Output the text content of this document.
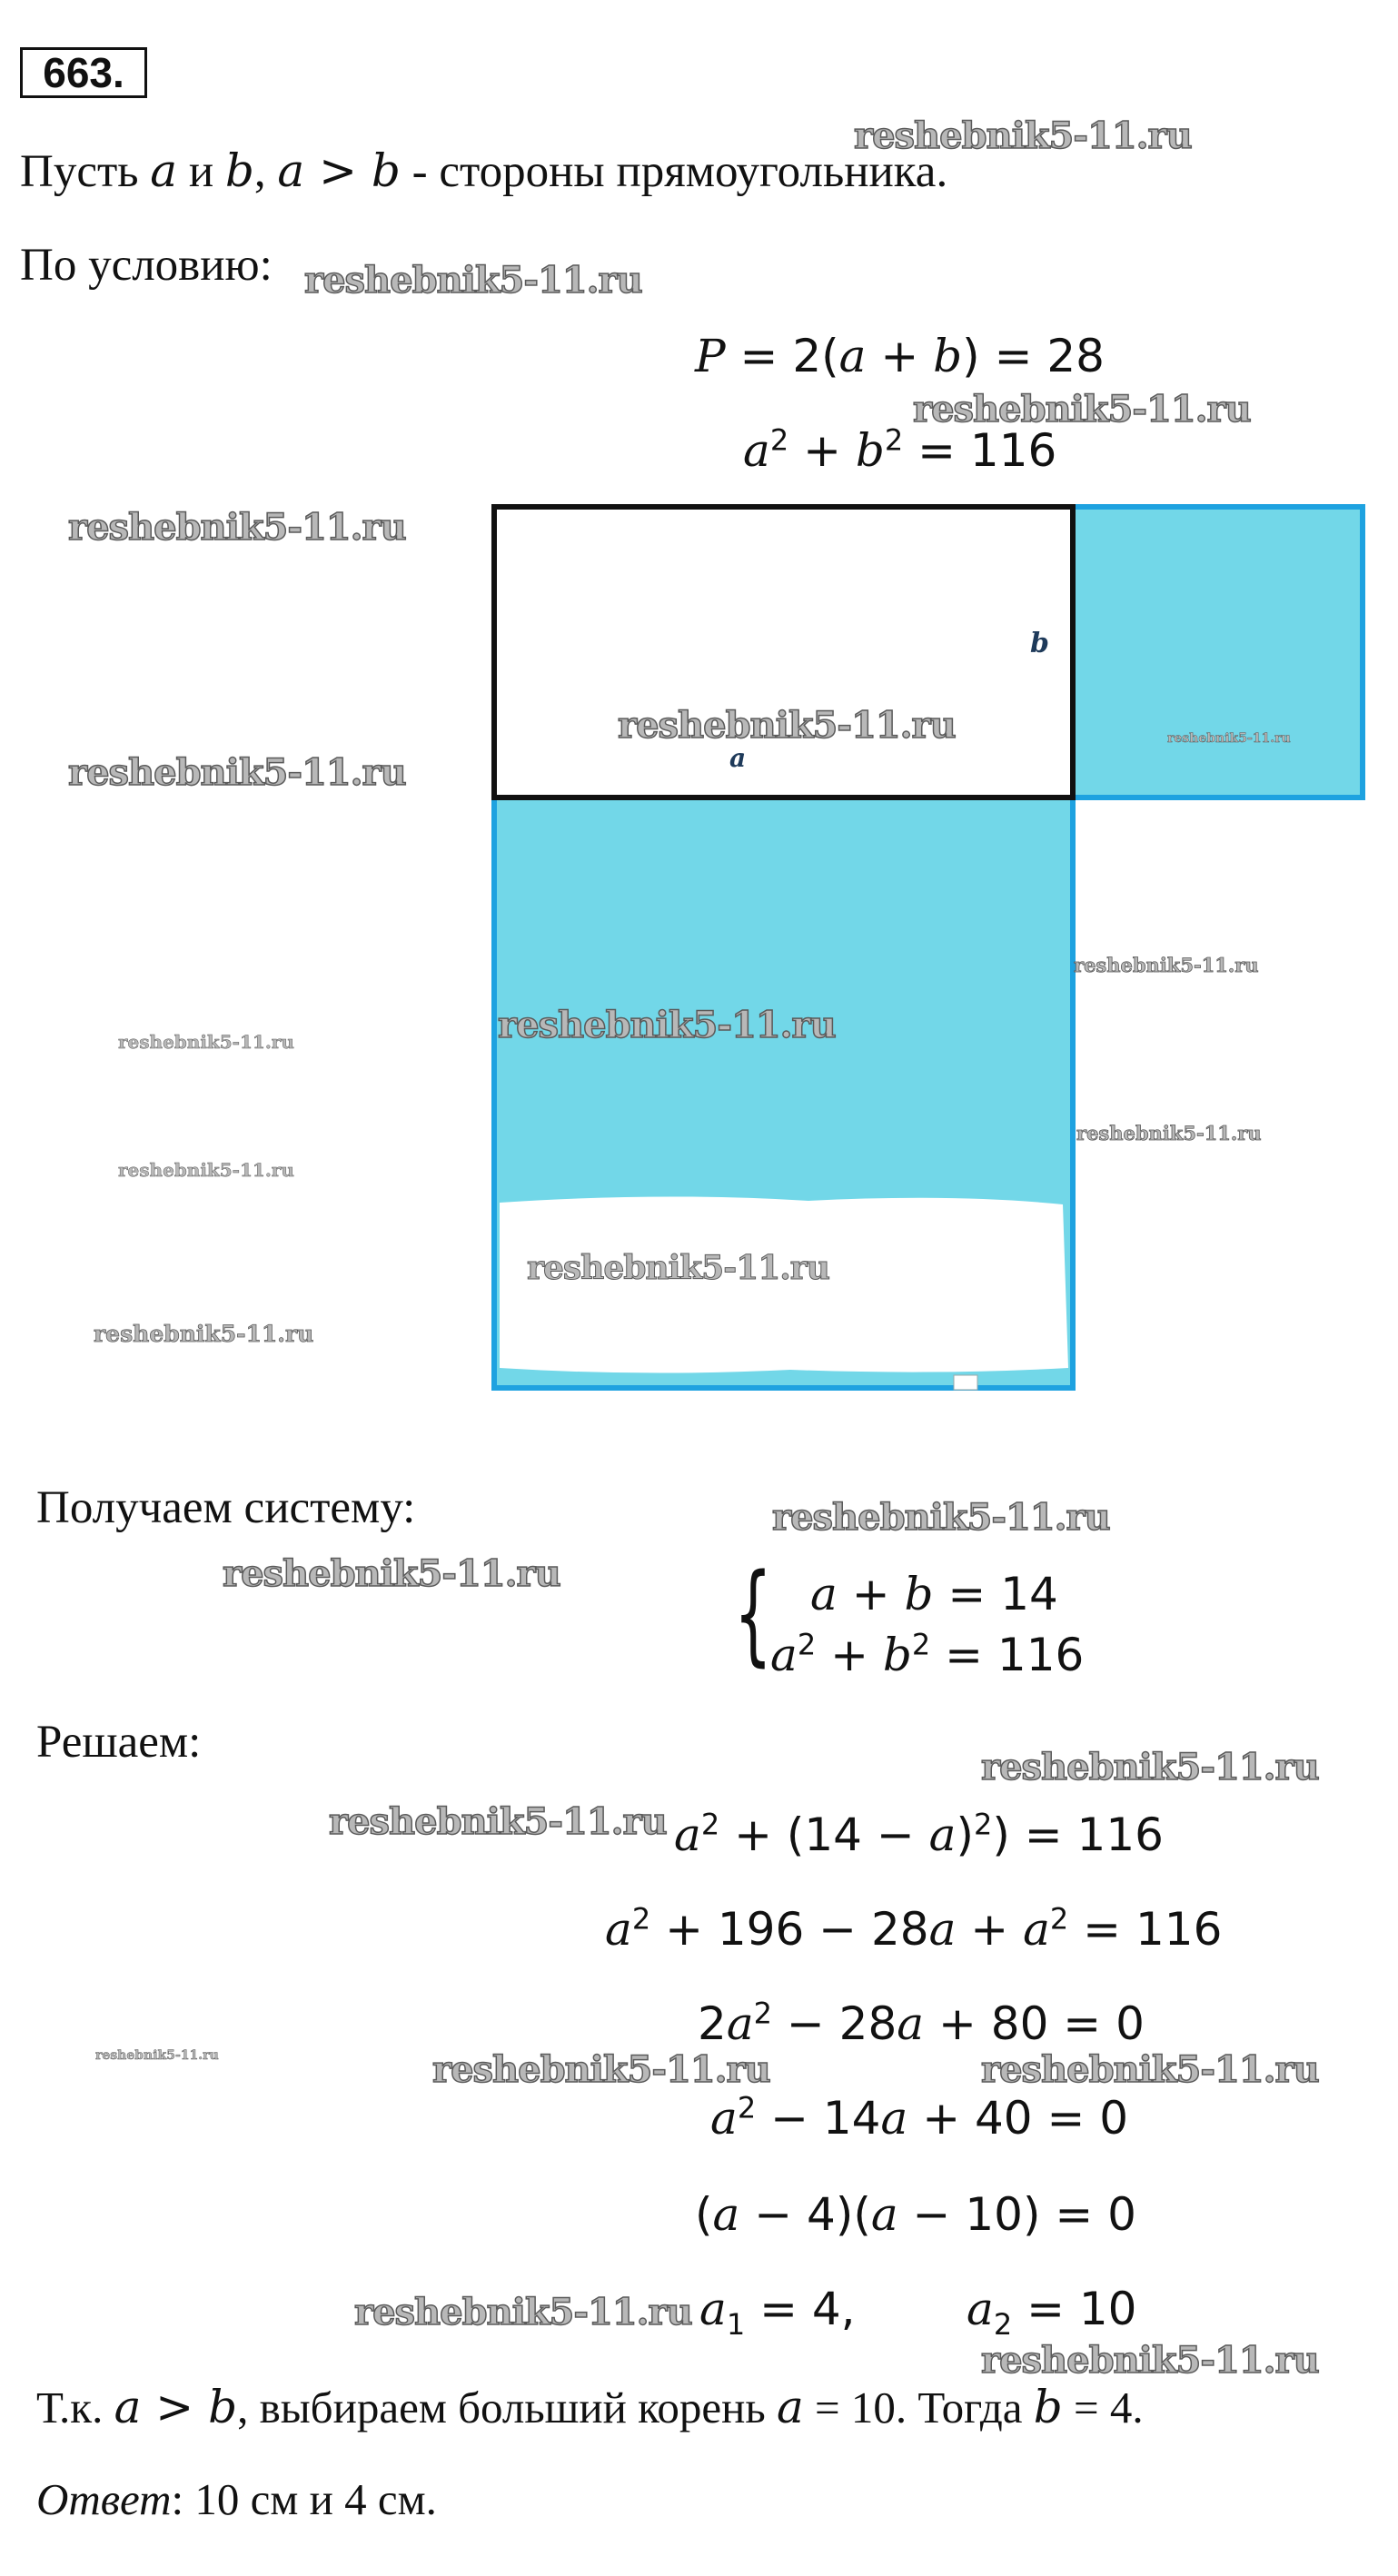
663.
Пусть a и b, a > b - стороны прямоугольника.
По условию:
P = 2(a + b) = 28
$a^2 + b^2 = 116$
a
b
Получаем систему:
{ a + b = 14
$a^2 + b^2 = 116$
Решаем:
$a^2 + (14 - a)^2) = 116$
$a^2 + 196 - 28a + a^2 = 116$
$2a^2 - 28a + 80 = 0$
$a^2 - 14a + 40 = 0$
(a − 4)(a − 10) = 0
$a_1 = 4$, $a_2 = 10$
Т.к. a > b, выбираем больший корень a = 10. Тогда b = 4.
Ответ: 10 см и 4 см.
reshebnik5-11.ru
reshebnik5-11.ru
reshebnik5-11.ru
reshebnik5-11.ru
reshebnik5-11.ru
reshebnik5-11.ru	reshebnik5-11.ru
reshebnik5-11.ru
reshebnik5-11.ru
reshebnik5-11.ru
reshebnik5-11.ru
reshebnik5-11.ru
reshebnik5-11.ru
reshebnik5-11.ru
reshebnik5-11.ru
reshebnik5-11.ru
reshebnik5-11.ru
reshebnik5-11.ru
reshebnik5-11.ru	reshebnik5-11.ru
reshebnik5-11.ru
reshebnik5-11.ru
reshebnik5-11.ru
